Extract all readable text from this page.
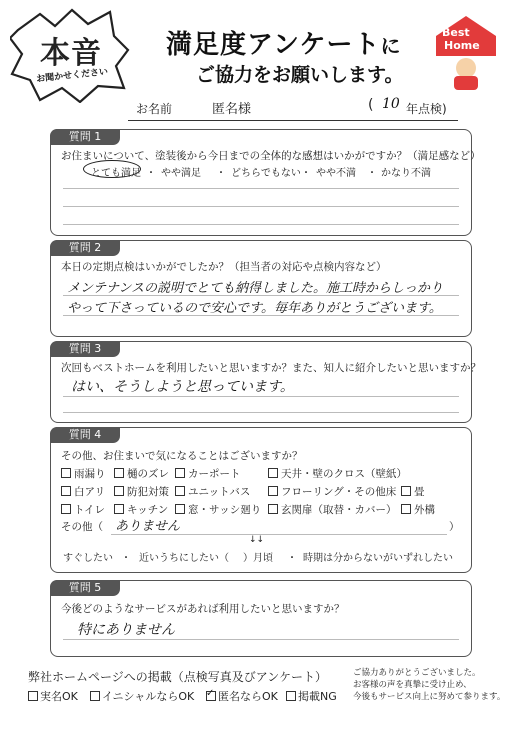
本音
お聞かせください
満足度アンケートに
ご協力をお願いします。
Best
Home
お名前	匿名様	( 10 年点検)
質問 1
お住まいについて、塗装後から今日までの全体的な感想はいかがですか？（満足感など）
とても満足 ・ やや満足 ・ どちらでもない ・ やや不満 ・ かなり不満
質問 2
本日の定期点検はいかがでしたか？（担当者の対応や点検内容など）
メンテナンスの説明でとても納得しました。施工時からしっかり
やって下さっているので安心です。毎年ありがとうございます。
質問 3
次回もベストホームを利用したいと思いますか？また、知人に紹介したいと思いますか？
はい、そうしようと思っています。
質問 4
その他、お住まいで気になることはございますか？
雨漏り	樋のズレ	カーポート	天井・壁のクロス（壁紙）
白アリ	防犯対策	ユニットバス	フローリング・その他床	畳
トイレ	キッチン	窓・サッシ廻り	玄関扉（取替・カバー）	外構
その他（ ありません	）
↓↓
すぐしたい ・ 近いうちにしたい（ ）月頃 ・ 時期は分からないがいずれしたい
質問 5
今後どのようなサービスがあれば利用したいと思いますか？
特にありません
弊社ホームページへの掲載（点検写真及びアンケート）
実名OK	イニシャルならOK
✓	匿名ならOK	掲載NG
ご協力ありがとうございました。
お客様の声を真摯に受け止め、
今後もサービス向上に努めて参ります。
